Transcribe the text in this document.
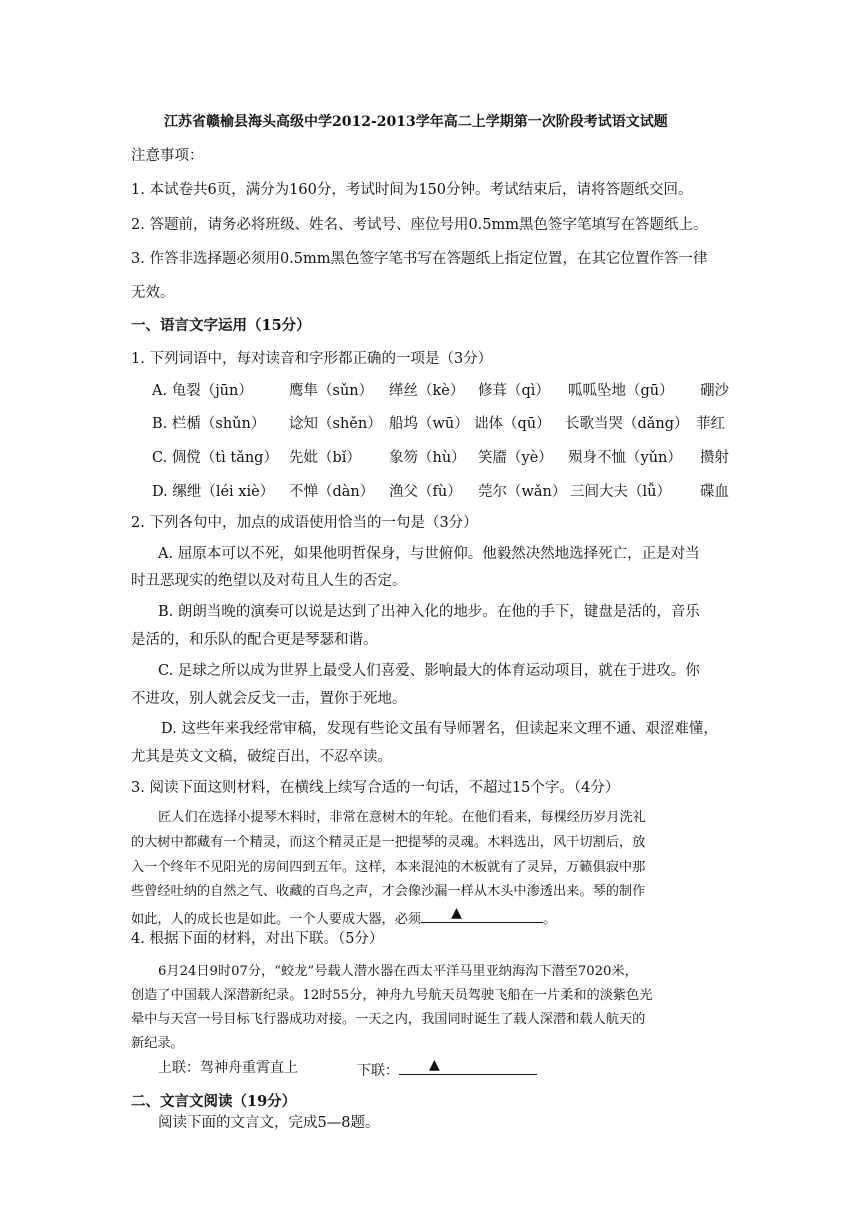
江苏省赣榆县海头高级中学2012-2013学年高二上学期第一次阶段考试语文试题
注意事项：
1. 本试卷共6页，满分为160分，考试时间为150分钟。考试结束后，请将答题纸交回。
2. 答题前，请务必将班级、姓名、考试号、座位号用0.5mm黑色签字笔填写在答题纸上。
3. 作答非选择题必须用0.5mm黑色签字笔书写在答题纸上指定位置，在其它位置作答一律
无效。
一、语言文字运用（15分）
1. 下列词语中，每对读音和字形都正确的一项是（3分）
A. 龟裂（jūn） 鹰隼（sǔn） 缂丝（kè） 修葺（qì） 呱呱坠地（gū） 硼沙
B. 栏楯（shǔn） 谂知（shěn） 船坞（wū） 诎体（qū） 长歌当哭（dǎng） 菲红
C. 倜傥（tì tǎng） 先妣（bǐ） 象笏（hù） 笑靥（yè） 殒身不恤（yǔn） 攒射
D. 缧绁（léi xiè） 不惮（dàn） 渔父（fù） 莞尔（wǎn） 三闾大夫（lǚ） 碟血
2. 下列各句中，加点的成语使用恰当的一句是（3分）
A. 屈原本可以不死，如果他明哲保身，与世俯仰。他毅然决然地选择死亡，正是对当
时丑恶现实的绝望以及对苟且人生的否定。
B. 朗朗当晚的演奏可以说是达到了出神入化的地步。在他的手下，键盘是活的，音乐
是活的，和乐队的配合更是琴瑟和谐。
C. 足球之所以成为世界上最受人们喜爱、影响最大的体育运动项目，就在于进攻。你
不进攻，别人就会反戈一击，置你于死地。
D. 这些年来我经常审稿，发现有些论文虽有导师署名，但读起来文理不通、艰涩难懂，
尤其是英文文稿，破绽百出，不忍卒读。
3. 阅读下面这则材料，在横线上续写合适的一句话，不超过15个字。（4分）
匠人们在选择小提琴木料时，非常在意树木的年轮。在他们看来，每棵经历岁月洗礼
的大树中都藏有一个精灵，而这个精灵正是一把提琴的灵魂。木料选出，风干切割后，放
入一个终年不见阳光的房间四到五年。这样，本来混沌的木板就有了灵异，万籁俱寂中那
些曾经吐纳的自然之气、收藏的百鸟之声，才会像沙漏一样从木头中渗透出来。琴的制作
如此，人的成长也是如此。一个人要成大器，必须 ▲	。
4. 根据下面的材料，对出下联。（5分）
6月24日9时07分，“蛟龙”号载人潜水器在西太平洋马里亚纳海沟下潜至7020米，
创造了中国载人深潜新纪录。12时55分，神舟九号航天员驾驶飞船在一片柔和的淡紫色光
晕中与天宫一号目标飞行器成功对接。一天之内，我国同时诞生了载人深潜和载人航天的
新纪录。
上联：驾神舟重霄直上	下联： ▲
二、文言文阅读（19分）
阅读下面的文言文，完成5—8题。
